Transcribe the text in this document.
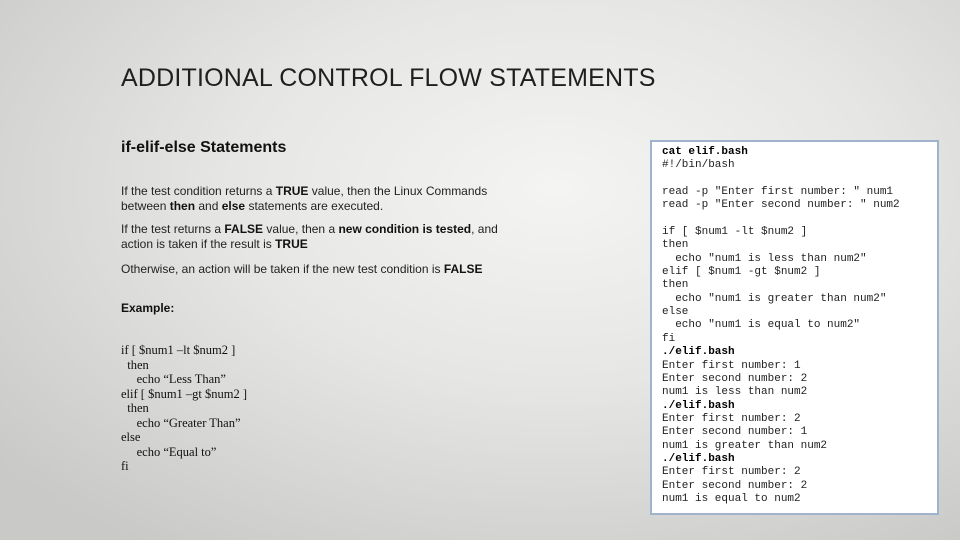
ADDITIONAL CONTROL FLOW STATEMENTS
if-elif-else Statements
If the test condition returns a TRUE value, then the Linux Commands between then and else statements are executed.
If the test returns a FALSE value, then a new condition is tested, and action is taken if the result is TRUE
Otherwise, an action will be taken if the new test condition is FALSE
Example:
if [ $num1 –lt $num2 ]
then
echo “Less Than”
elif [ $num1 –gt $num2 ]
then
echo “Greater Than”
else
echo “Equal to”
fi
cat elif.bash
#!/bin/bash
read -p "Enter first number: " num1
read -p "Enter second number: " num2
if [ $num1 -lt $num2 ]
then
echo "num1 is less than num2"
elif [ $num1 -gt $num2 ]
then
echo "num1 is greater than num2"
else
echo "num1 is equal to num2"
fi
./elif.bash
Enter first number: 1
Enter second number: 2
num1 is less than num2
./elif.bash
Enter first number: 2
Enter second number: 1
num1 is greater than num2
./elif.bash
Enter first number: 2
Enter second number: 2
num1 is equal to num2
